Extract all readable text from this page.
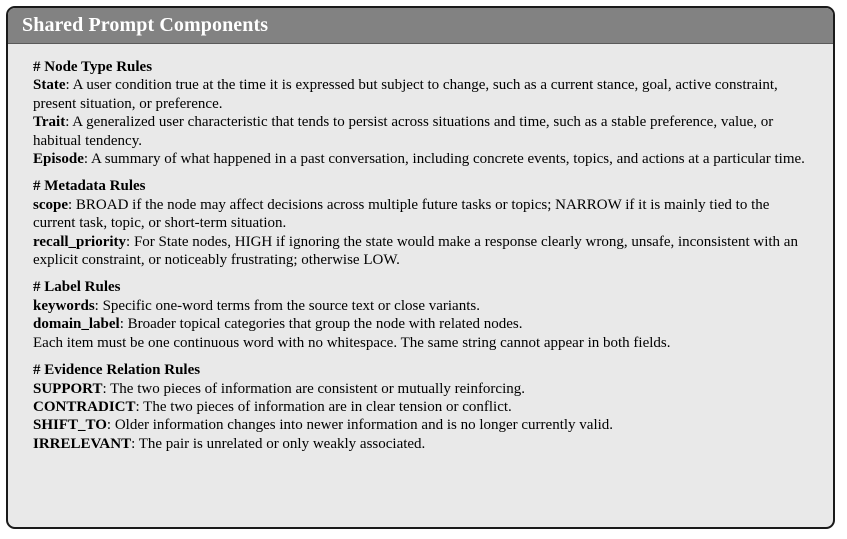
Shared Prompt Components
# Node Type Rules
State: A user condition true at the time it is expressed but subject to change, such as a current stance, goal, active constraint, present situation, or preference.
Trait: A generalized user characteristic that tends to persist across situations and time, such as a stable preference, value, or habitual tendency.
Episode: A summary of what happened in a past conversation, including concrete events, topics, and actions at a particular time.
# Metadata Rules
scope: BROAD if the node may affect decisions across multiple future tasks or topics; NARROW if it is mainly tied to the current task, topic, or short-term situation.
recall_priority: For State nodes, HIGH if ignoring the state would make a response clearly wrong, unsafe, inconsistent with an explicit constraint, or noticeably frustrating; otherwise LOW.
# Label Rules
keywords: Specific one-word terms from the source text or close variants.
domain_label: Broader topical categories that group the node with related nodes.
Each item must be one continuous word with no whitespace. The same string cannot appear in both fields.
# Evidence Relation Rules
SUPPORT: The two pieces of information are consistent or mutually reinforcing.
CONTRADICT: The two pieces of information are in clear tension or conflict.
SHIFT_TO: Older information changes into newer information and is no longer currently valid.
IRRELEVANT: The pair is unrelated or only weakly associated.
